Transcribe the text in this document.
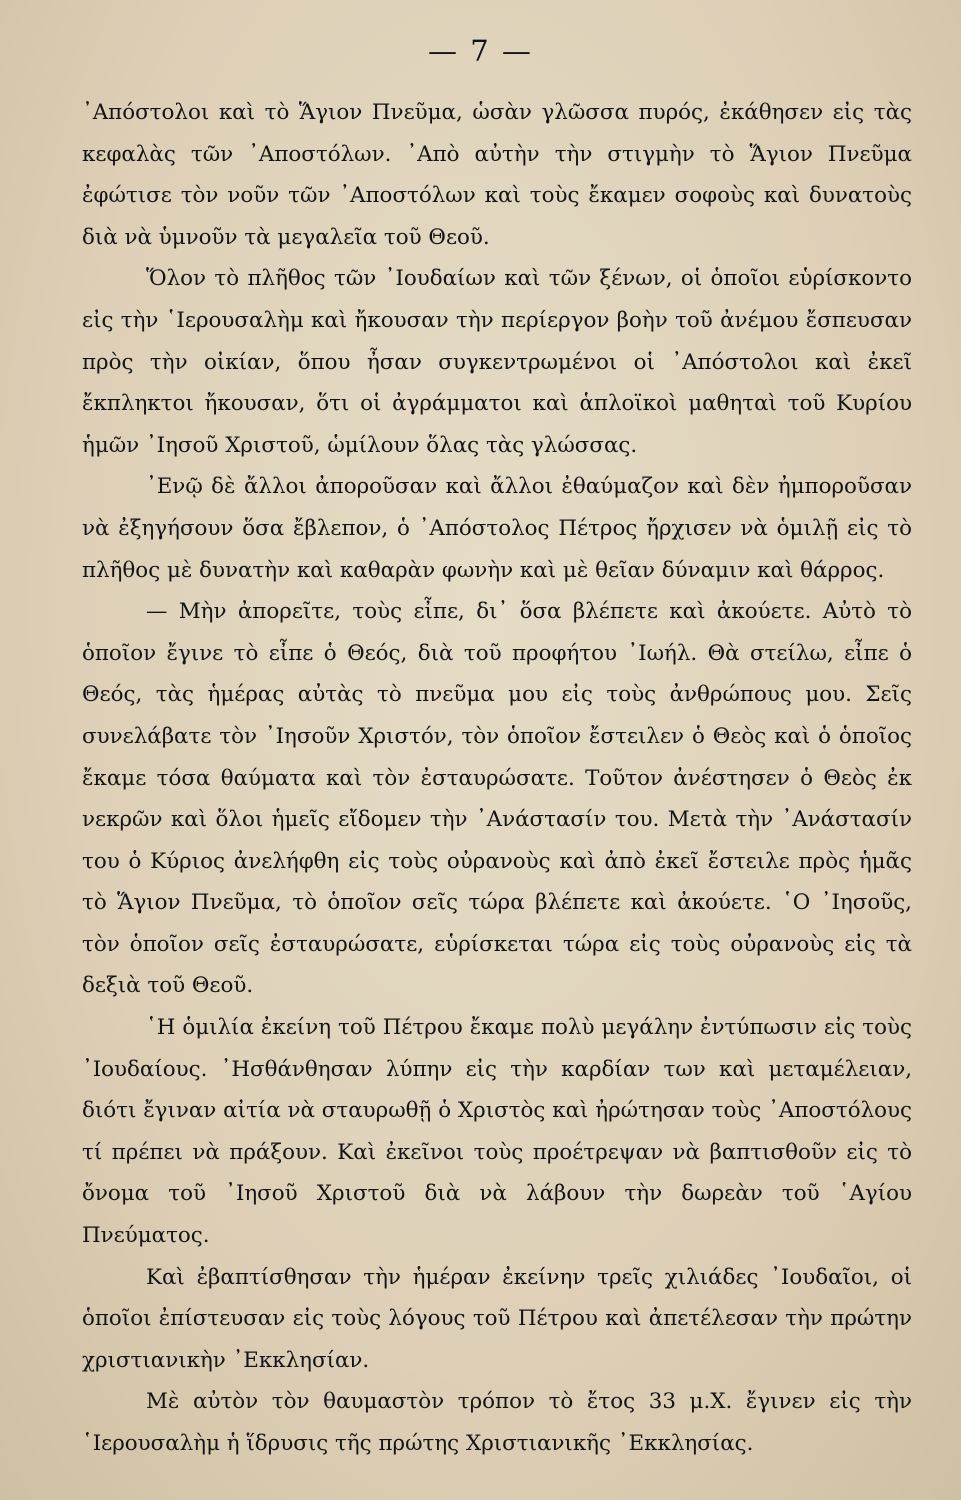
— 7 —

᾿Απόστολοι καὶ τὸ Ἅγιον Πνεῦμα, ὡσὰν γλῶσσα πυρός, ἐκάθησεν εἰς τὰς κεφαλὰς τῶν ᾿Αποστόλων. ᾿Απὸ αὐτὴν τὴν στιγμὴν τὸ Ἅγιον Πνεῦμα ἐφώτισε τὸν νοῦν τῶν ᾿Αποστόλων καὶ τοὺς ἔκαμεν σοφοὺς καὶ δυνατοὺς διὰ νὰ ὑμνοῦν τὰ μεγαλεῖα τοῦ Θεοῦ.

Ὅλον τὸ πλῆθος τῶν ᾿Ιουδαίων καὶ τῶν ξένων, οἱ ὁποῖοι εὑρίσκοντο εἰς τὴν ῾Ιερουσαλὴμ καὶ ἤκουσαν τὴν περίεργον βοὴν τοῦ ἀνέμου ἔσπευσαν πρὸς τὴν οἰκίαν, ὅπου ἦσαν συγκεντρωμένοι οἱ ᾿Απόστολοι καὶ ἐκεῖ ἔκπληκτοι ἤκουσαν, ὅτι οἱ ἀγράμματοι καὶ ἁπλοϊκοὶ μαθηταὶ τοῦ Κυρίου ἡμῶν ᾿Ιησοῦ Χριστοῦ, ὡμίλουν ὅλας τὰς γλώσσας.

᾿Ενῷ δὲ ἄλλοι ἀποροῦσαν καὶ ἄλλοι ἐθαύμαζον καὶ δὲν ἠμποροῦσαν νὰ ἐξηγήσουν ὅσα ἔβλεπον, ὁ ᾿Απόστολος Πέτρος ἤρχισεν νὰ ὁμιλῇ εἰς τὸ πλῆθος μὲ δυνατὴν καὶ καθαρὰν φωνὴν καὶ μὲ θεῖαν δύναμιν καὶ θάρρος.

— Μὴν ἀπορεῖτε, τοὺς εἶπε, δι᾿ ὅσα βλέπετε καὶ ἀκούετε. Αὐτὸ τὸ ὁποῖον ἔγινε τὸ εἶπε ὁ Θεός, διὰ τοῦ προφήτου ᾿Ιωήλ. Θὰ στείλω, εἶπε ὁ Θεός, τὰς ἡμέρας αὐτὰς τὸ πνεῦμα μου εἰς τοὺς ἀνθρώπους μου. Σεῖς συνελάβατε τὸν ᾿Ιησοῦν Χριστόν, τὸν ὁποῖον ἔστειλεν ὁ Θεὸς καὶ ὁ ὁποῖος ἔκαμε τόσα θαύματα καὶ τὸν ἐσταυρώσατε. Τοῦτον ἀνέστησεν ὁ Θεὸς ἐκ νεκρῶν καὶ ὅλοι ἡμεῖς εἴδομεν τὴν ᾿Ανάστασίν του. Μετὰ τὴν ᾿Ανάστασίν του ὁ Κύριος ἀνελήφθη εἰς τοὺς οὐρανοὺς καὶ ἀπὸ ἐκεῖ ἔστειλε πρὸς ἡμᾶς τὸ Ἅγιον Πνεῦμα, τὸ ὁποῖον σεῖς τώρα βλέπετε καὶ ἀκούετε. ῾Ο ᾿Ιησοῦς, τὸν ὁποῖον σεῖς ἐσταυρώσατε, εὑρίσκεται τώρα εἰς τοὺς οὐρανοὺς εἰς τὰ δεξιὰ τοῦ Θεοῦ.

῾Η ὁμιλία ἐκείνη τοῦ Πέτρου ἔκαμε πολὺ μεγάλην ἐντύπωσιν εἰς τοὺς ᾿Ιουδαίους. ᾿Ησθάνθησαν λύπην εἰς τὴν καρδίαν των καὶ μεταμέλειαν, διότι ἔγιναν αἰτία νὰ σταυρωθῇ ὁ Χριστὸς καὶ ἠρώτησαν τοὺς ᾿Αποστόλους τί πρέπει νὰ πράξουν. Καὶ ἐκεῖνοι τοὺς προέτρεψαν νὰ βαπτισθοῦν εἰς τὸ ὄνομα τοῦ ᾿Ιησοῦ Χριστοῦ διὰ νὰ λάβουν τὴν δωρεὰν τοῦ ῾Αγίου Πνεύματος.

Καὶ ἐβαπτίσθησαν τὴν ἡμέραν ἐκείνην τρεῖς χιλιάδες ᾿Ιουδαῖοι, οἱ ὁποῖοι ἐπίστευσαν εἰς τοὺς λόγους τοῦ Πέτρου καὶ ἀπετέλεσαν τὴν πρώτην χριστιανικὴν ᾿Εκκλησίαν.

Μὲ αὐτὸν τὸν θαυμαστὸν τρόπον τὸ ἔτος 33 μ.Χ. ἔγινεν εἰς τὴν ῾Ιερουσαλὴμ ἡ ἵδρυσις τῆς πρώτης Χριστιανικῆς ᾿Εκκλησίας.
